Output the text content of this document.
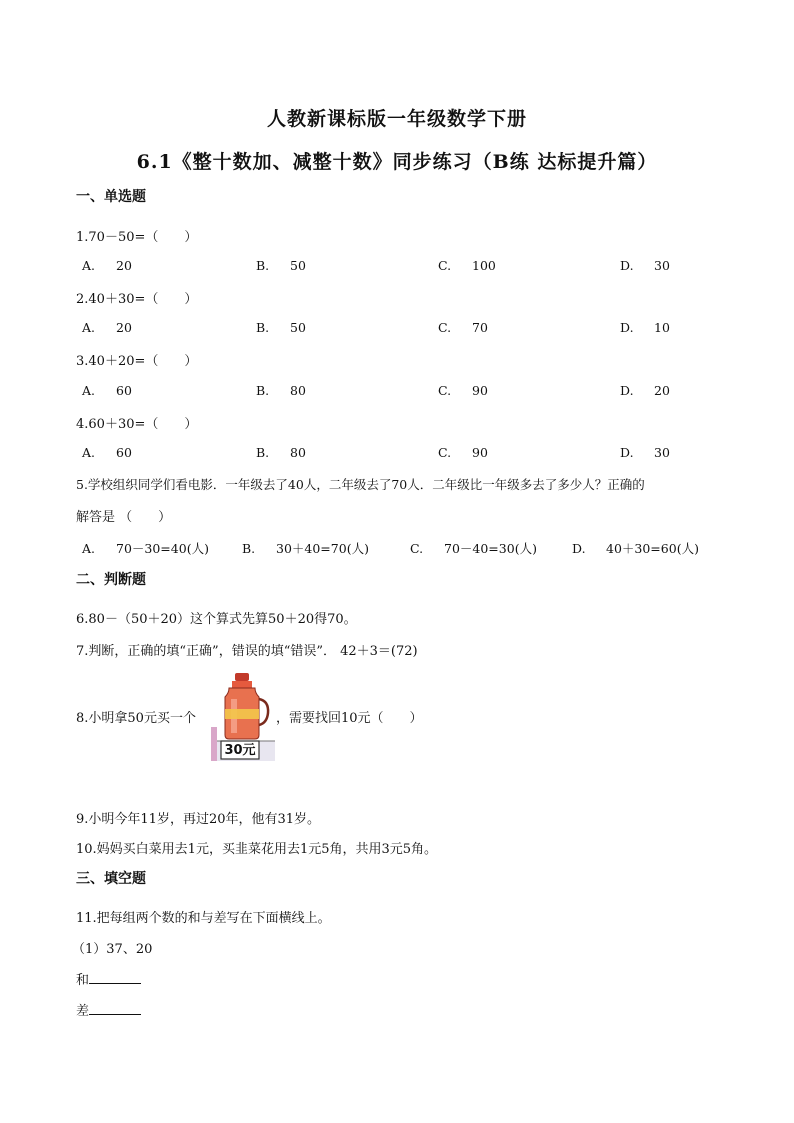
人教新课标版一年级数学下册
6.1《整十数加、减整十数》同步练习（B练 达标提升篇）
一、单选题
1.70－50=（　　）
A. 20	B. 50	C. 100	D. 30
2.40＋30=（　　）
A. 20	B. 50	C. 70	D. 10
3.40＋20=（　　）
A. 60	B. 80	C. 90	D. 20
4.60＋30=（　　）
A. 60	B. 80	C. 90	D. 30
5.学校组织同学们看电影．一年级去了40人，二年级去了70人．二年级比一年级多去了多少人？正确的
解答是 （　　）
A. 70－30=40(人)	B. 30＋40=70(人)	C. 70－40=30(人)	D. 40＋30=60(人)
二、判断题
6.80－（50＋20）这个算式先算50＋20得70。
7.判断，正确的填“正确”，错误的填“错误”． 42＋3＝(72)
8.小明拿50元买一个
30元
，需要找回10元（　　）
9.小明今年11岁，再过20年，他有31岁。
10.妈妈买白菜用去1元，买韭菜花用去1元5角，共用3元5角。
三、填空题
11.把每组两个数的和与差写在下面横线上。
（1）37、20
和
差
